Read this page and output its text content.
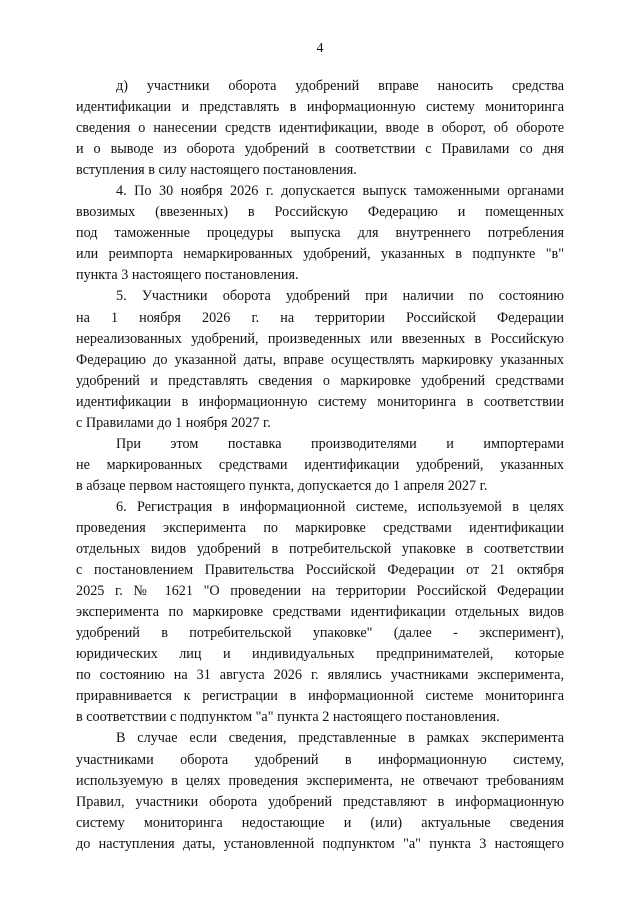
4
д) участники оборота удобрений вправе наносить средства
идентификации и представлять в информационную систему мониторинга
сведения о нанесении средств идентификации, вводе в оборот, об обороте
и о выводе из оборота удобрений в соответствии с Правилами со дня
вступления в силу настоящего постановления.
4. По 30 ноября 2026 г. допускается выпуск таможенными органами
ввозимых (ввезенных) в Российскую Федерацию и помещенных
под таможенные процедуры выпуска для внутреннего потребления
или реимпорта немаркированных удобрений, указанных в подпункте "в"
пункта 3 настоящего постановления.
5. Участники оборота удобрений при наличии по состоянию
на 1 ноября 2026 г. на территории Российской Федерации
нереализованных удобрений, произведенных или ввезенных в Российскую
Федерацию до указанной даты, вправе осуществлять маркировку указанных
удобрений и представлять сведения о маркировке удобрений средствами
идентификации в информационную систему мониторинга в соответствии
с Правилами до 1 ноября 2027 г.
При этом поставка производителями и импортерами
не маркированных средствами идентификации удобрений, указанных
в абзаце первом настоящего пункта, допускается до 1 апреля 2027 г.
6. Регистрация в информационной системе, используемой в целях
проведения эксперимента по маркировке средствами идентификации
отдельных видов удобрений в потребительской упаковке в соответствии
с постановлением Правительства Российской Федерации от 21 октября
2025 г. № 1621 "О проведении на территории Российской Федерации
эксперимента по маркировке средствами идентификации отдельных видов
удобрений в потребительской упаковке" (далее - эксперимент),
юридических лиц и индивидуальных предпринимателей, которые
по состоянию на 31 августа 2026 г. являлись участниками эксперимента,
приравнивается к регистрации в информационной системе мониторинга
в соответствии с подпунктом "а" пункта 2 настоящего постановления.
В случае если сведения, представленные в рамках эксперимента
участниками оборота удобрений в информационную систему,
используемую в целях проведения эксперимента, не отвечают требованиям
Правил, участники оборота удобрений представляют в информационную
систему мониторинга недостающие и (или) актуальные сведения
до наступления даты, установленной подпунктом "а" пункта 3 настоящего
